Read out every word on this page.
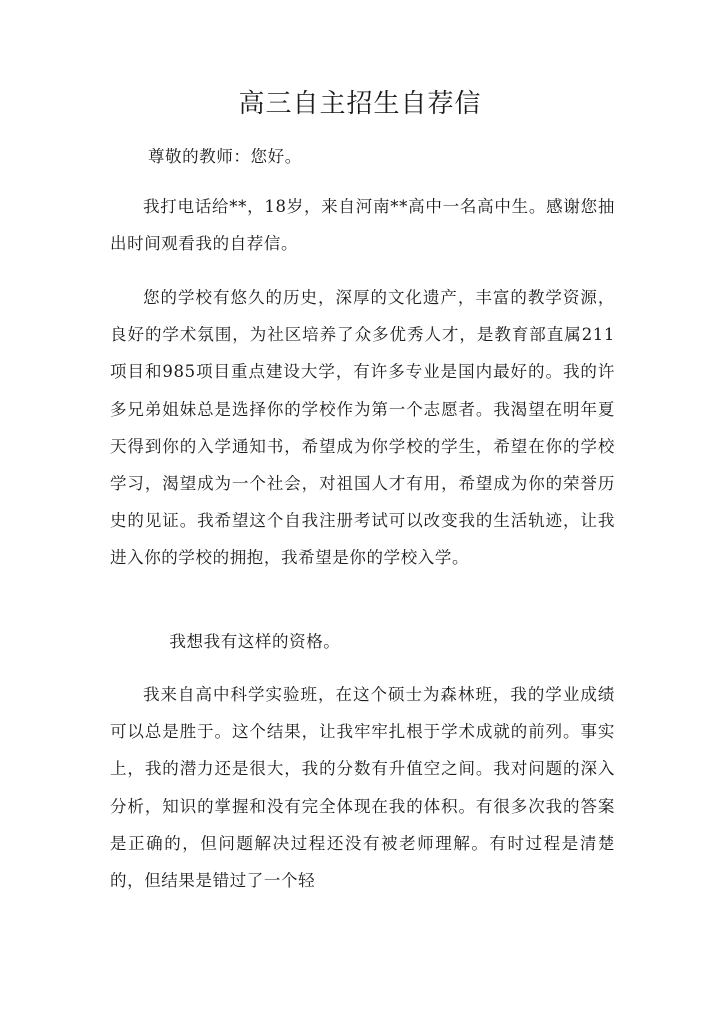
高三自主招生自荐信

尊敬的教师：您好。

我打电话给**，18岁，来自河南**高中一名高中生。感谢您抽出时间观看我的自荐信。

您的学校有悠久的历史，深厚的文化遗产，丰富的教学资源，良好的学术氛围，为社区培养了众多优秀人才，是教育部直属211项目和985项目重点建设大学，有许多专业是国内最好的。我的许多兄弟姐妹总是选择你的学校作为第一个志愿者。我渴望在明年夏天得到你的入学通知书，希望成为你学校的学生，希望在你的学校学习，渴望成为一个社会，对祖国人才有用，希望成为你的荣誉历史的见证。我希望这个自我注册考试可以改变我的生活轨迹，让我进入你的学校的拥抱，我希望是你的学校入学。

我想我有这样的资格。

我来自高中科学实验班，在这个硕士为森林班，我的学业成绩可以总是胜于。这个结果，让我牢牢扎根于学术成就的前列。事实上，我的潜力还是很大，我的分数有升值空之间。我对问题的深入分析，知识的掌握和没有完全体现在我的体积。有很多次我的答案是正确的，但问题解决过程还没有被老师理解。有时过程是清楚的，但结果是错过了一个轻
